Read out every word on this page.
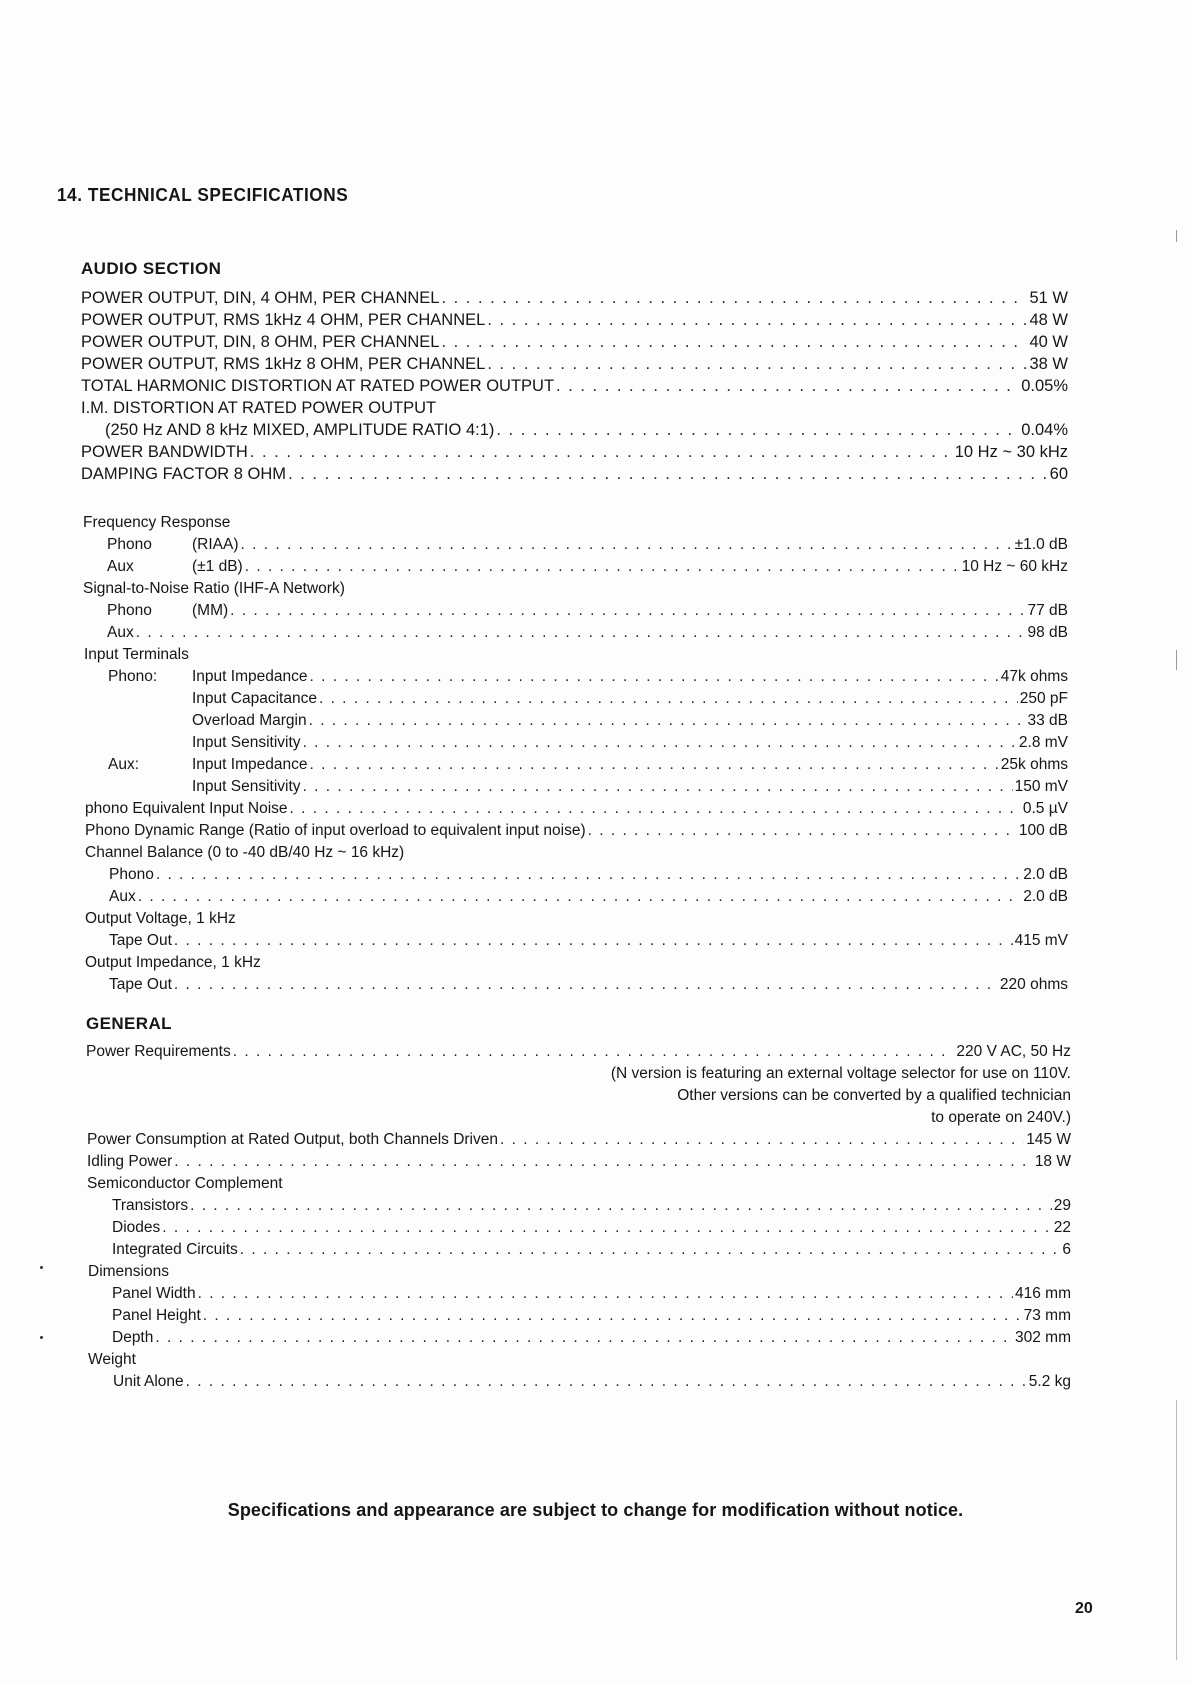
14. TECHNICAL SPECIFICATIONS
AUDIO SECTION
POWER OUTPUT, DIN, 4 OHM, PER CHANNEL . . .	51 W
POWER OUTPUT, RMS 1kHz 4 OHM, PER CHANNEL . . .	48 W
POWER OUTPUT, DIN, 8 OHM, PER CHANNEL . . .	40 W
POWER OUTPUT, RMS 1kHz 8 OHM, PER CHANNEL . . .	38 W
TOTAL HARMONIC DISTORTION AT RATED POWER OUTPUT . . .	0.05%
I.M. DISTORTION AT RATED POWER OUTPUT
(250 Hz AND 8 kHz MIXED, AMPLITUDE RATIO 4:1) . . .	0.04%
POWER BANDWIDTH . . .	10 Hz ~ 30 kHz
DAMPING FACTOR 8 OHM . . .	60
Frequency Response
Phono	(RIAA) . . .	±1.0 dB
Aux	(±1 dB) . . .	10 Hz ~ 60 kHz
Signal-to-Noise Ratio (IHF-A Network)
Phono	(MM) . . .	77 dB
Aux . . .	98 dB
Input Terminals
Phono: Input Impedance . . .	47k ohms
Input Capacitance . . .	250 pF
Overload Margin . . .	33 dB
Input Sensitivity . . .	2.8 mV
Aux:	Input Impedance . . .	25k ohms
Input Sensitivity . . .	150 mV
phono Equivalent Input Noise . . .	0.5 µV
Phono Dynamic Range (Ratio of input overload to equivalent input noise) . . .	100 dB
Channel Balance (0 to -40 dB/40 Hz ~ 16 kHz)
Phono . . .	2.0 dB
Aux . . .	2.0 dB
Output Voltage, 1 kHz
Tape Out . . .	415 mV
Output Impedance, 1 kHz
Tape Out . . .	220 ohms
GENERAL
Power Requirements . . .	220 V AC, 50 Hz
(N version is featuring an external voltage selector for use on 110V.
Other versions can be converted by a qualified technician
to operate on 240V.)
Power Consumption at Rated Output, both Channels Driven . . .	145 W
Idling Power . . .	18 W
Semiconductor Complement
Transistors . . .	29
Diodes . . .	22
Integrated Circuits . . .	6
Dimensions
Panel Width . . .	416 mm
Panel Height . . .	73 mm
Depth . . .	302 mm
Weight
Unit Alone . . .	5.2 kg
Specifications and appearance are subject to change for modification without notice.
20
